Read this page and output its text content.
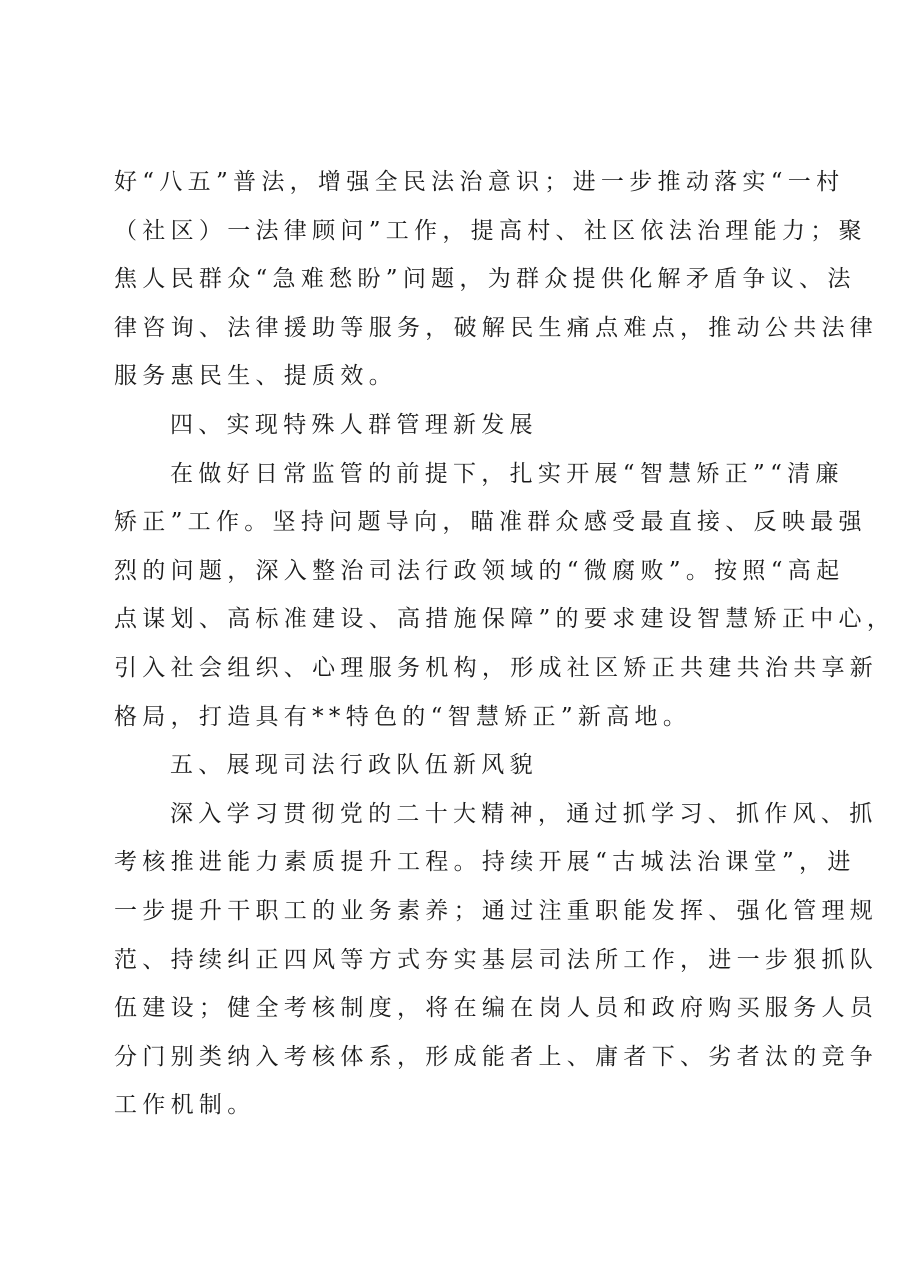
好“八五”普法，增强全民法治意识；进一步推动落实“一村
（社区）一法律顾问”工作，提高村、社区依法治理能力；聚
焦人民群众“急难愁盼”问题，为群众提供化解矛盾争议、法
律咨询、法律援助等服务，破解民生痛点难点，推动公共法律
服务惠民生、提质效。
四、实现特殊人群管理新发展
在做好日常监管的前提下，扎实开展“智慧矫正”“清廉
矫正”工作。坚持问题导向，瞄准群众感受最直接、反映最强
烈的问题，深入整治司法行政领域的“微腐败”。按照“高起
点谋划、高标准建设、高措施保障”的要求建设智慧矫正中心，
引入社会组织、心理服务机构，形成社区矫正共建共治共享新
格局，打造具有**特色的“智慧矫正”新高地。
五、展现司法行政队伍新风貌
深入学习贯彻党的二十大精神，通过抓学习、抓作风、抓
考核推进能力素质提升工程。持续开展“古城法治课堂”，进
一步提升干职工的业务素养；通过注重职能发挥、强化管理规
范、持续纠正四风等方式夯实基层司法所工作，进一步狠抓队
伍建设；健全考核制度，将在编在岗人员和政府购买服务人员
分门别类纳入考核体系，形成能者上、庸者下、劣者汰的竞争
工作机制。
